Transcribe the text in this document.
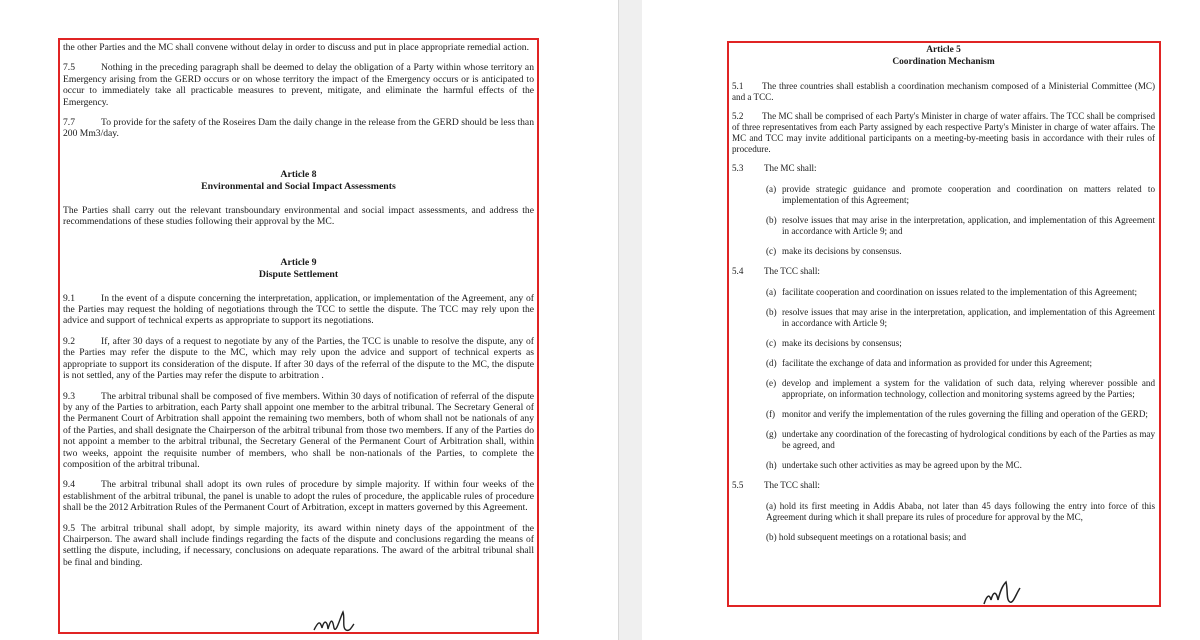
the other Parties and the MC shall convene without delay in order to discuss and put in place appropriate remedial action.

7.5	Nothing in the preceding paragraph shall be deemed to delay the obligation of a Party within whose territory an Emergency arising from the GERD occurs or on whose territory the impact of the Emergency occurs or is anticipated to occur to immediately take all practicable measures to prevent, mitigate, and eliminate the harmful effects of the Emergency.

7.7	To provide for the safety of the Roseires Dam the daily change in the release from the GERD should be less than 200 Mm3/day.

Article 8

Environmental and Social Impact Assessments

The Parties shall carry out the relevant transboundary environmental and social impact assessments, and address the recommendations of these studies following their approval by the MC.

Article 9

Dispute Settlement

9.1	In the event of a dispute concerning the interpretation, application, or implementation of the Agreement, any of the Parties may request the holding of negotiations through the TCC to settle the dispute. The TCC may rely upon the advice and support of technical experts as appropriate to support its negotiations.

9.2	If, after 30 days of a request to negotiate by any of the Parties, the TCC is unable to resolve the dispute, any of the Parties may refer the dispute to the MC, which may rely upon the advice and support of technical experts as appropriate to support its consideration of the dispute. If after 30 days of the referral of the dispute to the MC, the dispute is not settled, any of the Parties may refer the dispute to arbitration .

9.3	The arbitral tribunal shall be composed of five members. Within 30 days of notification of referral of the dispute by any of the Parties to arbitration, each Party shall appoint one member to the arbitral tribunal. The Secretary General of the Permanent Court of Arbitration shall appoint the remaining two members, both of whom shall not be nationals of any of the Parties, and shall designate the Chairperson of the arbitral tribunal from those two members. If any of the Parties do not appoint a member to the arbitral tribunal, the Secretary General of the Permanent Court of Arbitration shall, within two weeks, appoint the requisite number of members, who shall be non-nationals of the Parties, to complete the composition of the arbitral tribunal.

9.4	The arbitral tribunal shall adopt its own rules of procedure by simple majority. If within four weeks of the establishment of the arbitral tribunal, the panel is unable to adopt the rules of procedure, the applicable rules of procedure shall be the 2012 Arbitration Rules of the Permanent Court of Arbitration, except in matters governed by this Agreement.

9.5 The arbitral tribunal shall adopt, by simple majority, its award within ninety days of the appointment of the Chairperson. The award shall include findings regarding the facts of the dispute and conclusions regarding the means of settling the dispute, including, if necessary, conclusions on adequate reparations. The award of the arbitral tribunal shall be final and binding.

Article 5
Coordination Mechanism

5.1 The three countries shall establish a coordination mechanism composed of a Ministerial Committee (MC) and a TCC.

5.2 The MC shall be comprised of each Party's Minister in charge of water affairs. The TCC shall be comprised of three representatives from each Party assigned by each respective Party's Minister in charge of water affairs. The MC and TCC may invite additional participants on a meeting-by-meeting basis in accordance with their rules of procedure.

5.3 The MC shall:

(a) provide strategic guidance and promote cooperation and coordination on matters related to implementation of this Agreement;
(b) resolve issues that may arise in the interpretation, application, and implementation of this Agreement in accordance with Article 9; and
(c) make its decisions by consensus.

5.4 The TCC shall:

(a) facilitate cooperation and coordination on issues related to the implementation of this Agreement;
(b) resolve issues that may arise in the interpretation, application, and implementation of this Agreement in accordance with Article 9;
(c) make its decisions by consensus;
(d) facilitate the exchange of data and information as provided for under this Agreement;
(e) develop and implement a system for the validation of such data, relying wherever possible and appropriate, on information technology, collection and monitoring systems agreed by the Parties;
(f) monitor and verify the implementation of the rules governing the filling and operation of the GERD;
(g) undertake any coordination of the forecasting of hydrological conditions by each of the Parties as may be agreed, and
(h) undertake such other activities as may be agreed upon by the MC.

5.5 The TCC shall:

(a) hold its first meeting in Addis Ababa, not later than 45 days following the entry into force of this Agreement during which it shall prepare its rules of procedure for approval by the MC,
(b) hold subsequent meetings on a rotational basis; and
